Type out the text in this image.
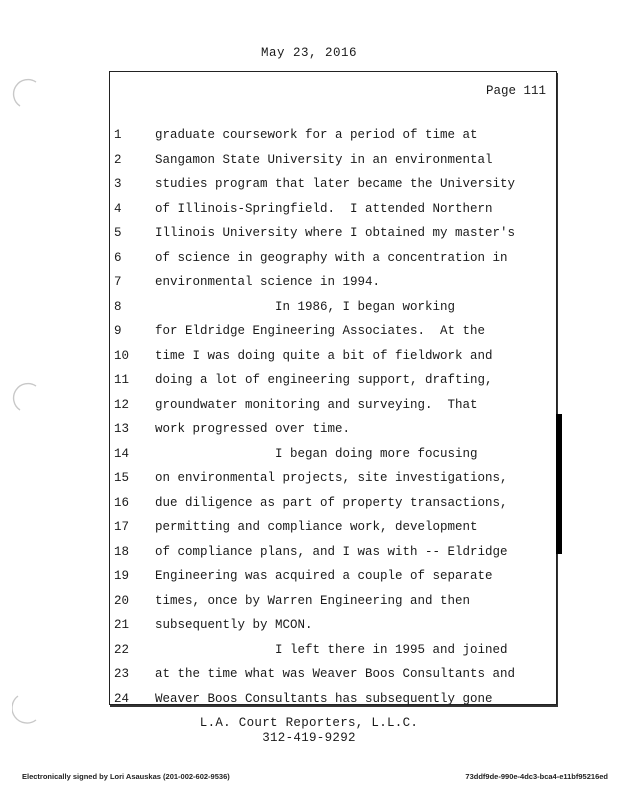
May 23, 2016
Page 111

1	graduate coursework for a period of time at

2	Sangamon State University in an environmental

3	studies program that later became the University

4	of Illinois-Springfield.  I attended Northern

5	Illinois University where I obtained my master's

6	of science in geography with a concentration in

7	environmental science in 1994.

8	In 1986, I began working

9	for Eldridge Engineering Associates.  At the

10	time I was doing quite a bit of fieldwork and

11	doing a lot of engineering support, drafting,

12	groundwater monitoring and surveying.  That

13	work progressed over time.

14	I began doing more focusing

15	on environmental projects, site investigations,

16	due diligence as part of property transactions,

17	permitting and compliance work, development

18	of compliance plans, and I was with -- Eldridge

19	Engineering was acquired a couple of separate

20	times, once by Warren Engineering and then

21	subsequently by MCON.

22	I left there in 1995 and joined

23	at the time what was Weaver Boos Consultants and

24	Weaver Boos Consultants has subsequently gone

L.A. Court Reporters, L.L.C.
312-419-9292
Electronically signed by Lori Asauskas (201-002-602-9536)	73ddf9de-990e-4dc3-bca4-e11bf95216ed
